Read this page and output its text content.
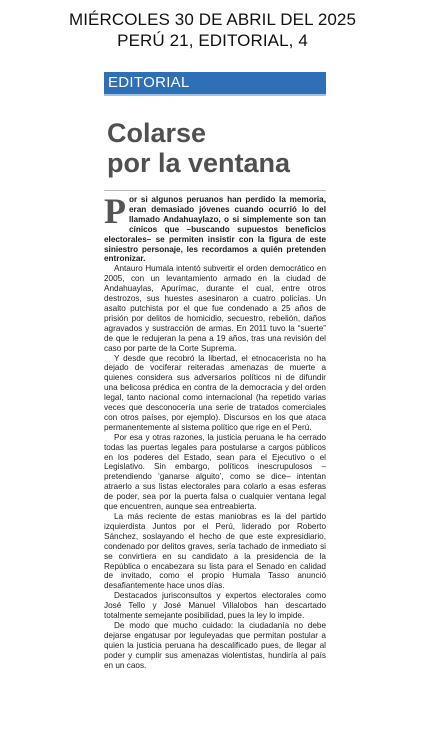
MIÉRCOLES 30 DE ABRIL DEL 2025
PERÚ 21, EDITORIAL, 4
EDITORIAL
Colarse
por la ventana

Por si algunos peruanos han perdido la memoria, eran demasiado jóvenes cuando ocurrió lo del llamado Andahuaylazo, o si simplemente son tan cínicos que –buscando supuestos beneficios electorales– se permiten insistir con la figura de este siniestro personaje, les recordamos a quién pretenden entronizar.

Antauro Humala intentó subvertir el orden democrático en 2005, con un levantamiento armado en la ciudad de Andahuaylas, Apurímac, durante el cual, entre otros destrozos, sus huestes asesinaron a cuatro policías. Un asalto putchista por el que fue condenado a 25 años de prisión por delitos de homicidio, secuestro, rebelión, daños agravados y sustracción de armas. En 2011 tuvo la “suerte” de que le redujeran la pena a 19 años, tras una revisión del caso por parte de la Corte Suprema.

Y desde que recobró la libertad, el etnocacerista no ha dejado de vociferar reiteradas amenazas de muerte a quienes considera sus adversarios políticos ni de difundir una belicosa prédica en contra de la democracia y del orden legal, tanto nacional como internacional (ha repetido varias veces que desconocería una serie de tratados comerciales con otros países, por ejemplo). Discursos en los que ataca permanentemente al sistema político que rige en el Perú.

Por esa y otras razones, la justicia peruana le ha cerrado todas las puertas legales para postularse a cargos públicos en los poderes del Estado, sean para el Ejecutivo o el Legislativo. Sin embargo, políticos inescrupulosos –pretendiendo ‘ganarse alguito’, como se dice– intentan atraerlo a sus listas electorales para colarlo a esas esferas de poder, sea por la puerta falsa o cualquier ventana legal que encuentren, aunque sea entreabierta.

La más reciente de estas maniobras es la del partido izquierdista Juntos por el Perú, liderado por Roberto Sánchez, soslayando el hecho de que este expresidiario, condenado por delitos graves, sería tachado de inmediato si se convirtiera en su candidato a la presidencia de la República o encabezara su lista para el Senado en calidad de invitado, como el propio Humala Tasso anunció desafiantemente hace unos días.

Destacados jurisconsultos y expertos electorales como José Tello y José Manuel Villalobos han descartado totalmente semejante posibilidad, pues la ley lo impide.

De modo que mucho cuidado: la ciudadanía no debe dejarse engatusar por leguleyadas que permitan postular a quien la justicia peruana ha descalificado pues, de llegar al poder y cumplir sus amenazas violentistas, hundiría al país en un caos.
